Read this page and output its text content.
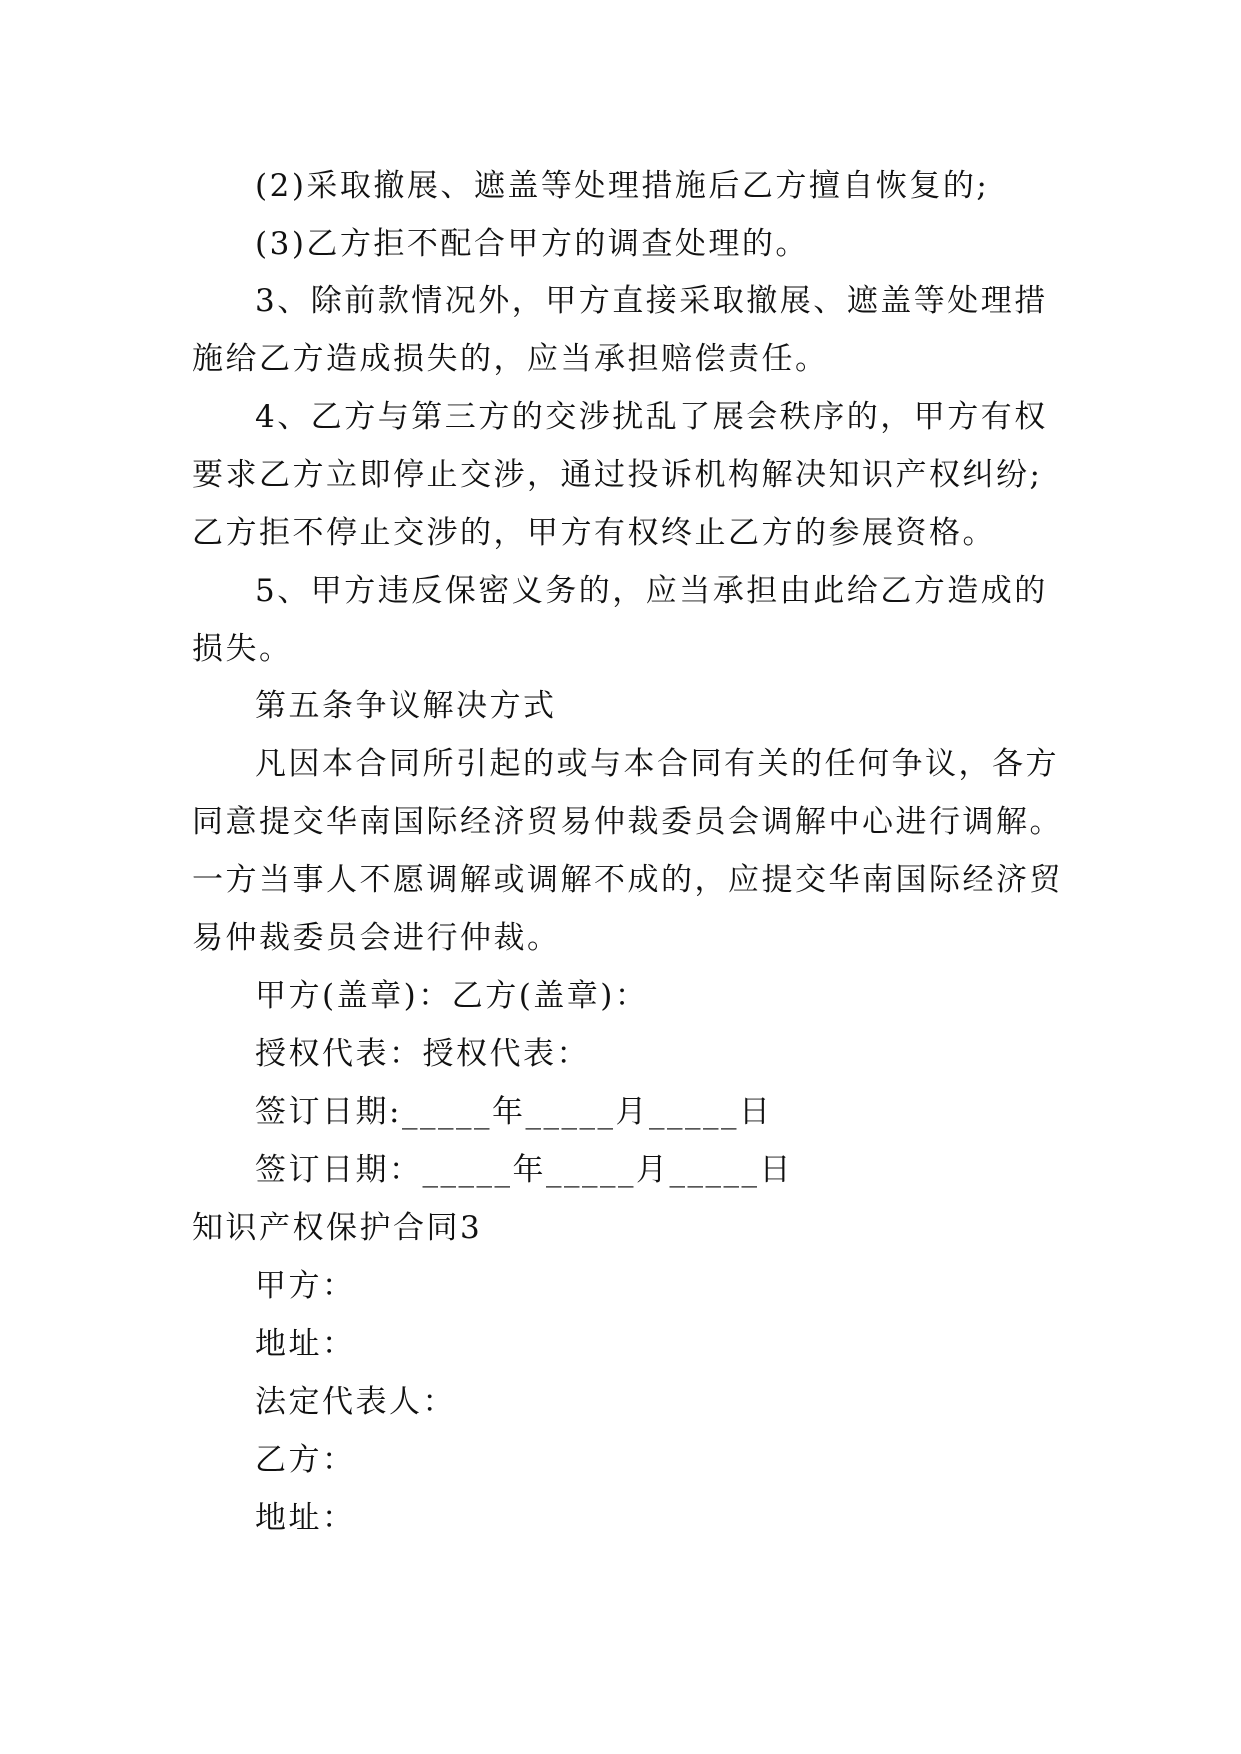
(2)采取撤展、遮盖等处理措施后乙方擅自恢复的;
(3)乙方拒不配合甲方的调查处理的。
3、除前款情况外，甲方直接采取撤展、遮盖等处理措
施给乙方造成损失的，应当承担赔偿责任。
4、乙方与第三方的交涉扰乱了展会秩序的，甲方有权
要求乙方立即停止交涉，通过投诉机构解决知识产权纠纷;
乙方拒不停止交涉的，甲方有权终止乙方的参展资格。
5、甲方违反保密义务的，应当承担由此给乙方造成的
损失。
第五条争议解决方式
凡因本合同所引起的或与本合同有关的任何争议，各方
同意提交华南国际经济贸易仲裁委员会调解中心进行调解。
一方当事人不愿调解或调解不成的，应提交华南国际经济贸
易仲裁委员会进行仲裁。
甲方(盖章)：乙方(盖章)：
授权代表：授权代表：
签订日期:_____年_____月_____日
签订日期：_____年_____月_____日
知识产权保护合同3
甲方：
地址：
法定代表人：
乙方：
地址：
